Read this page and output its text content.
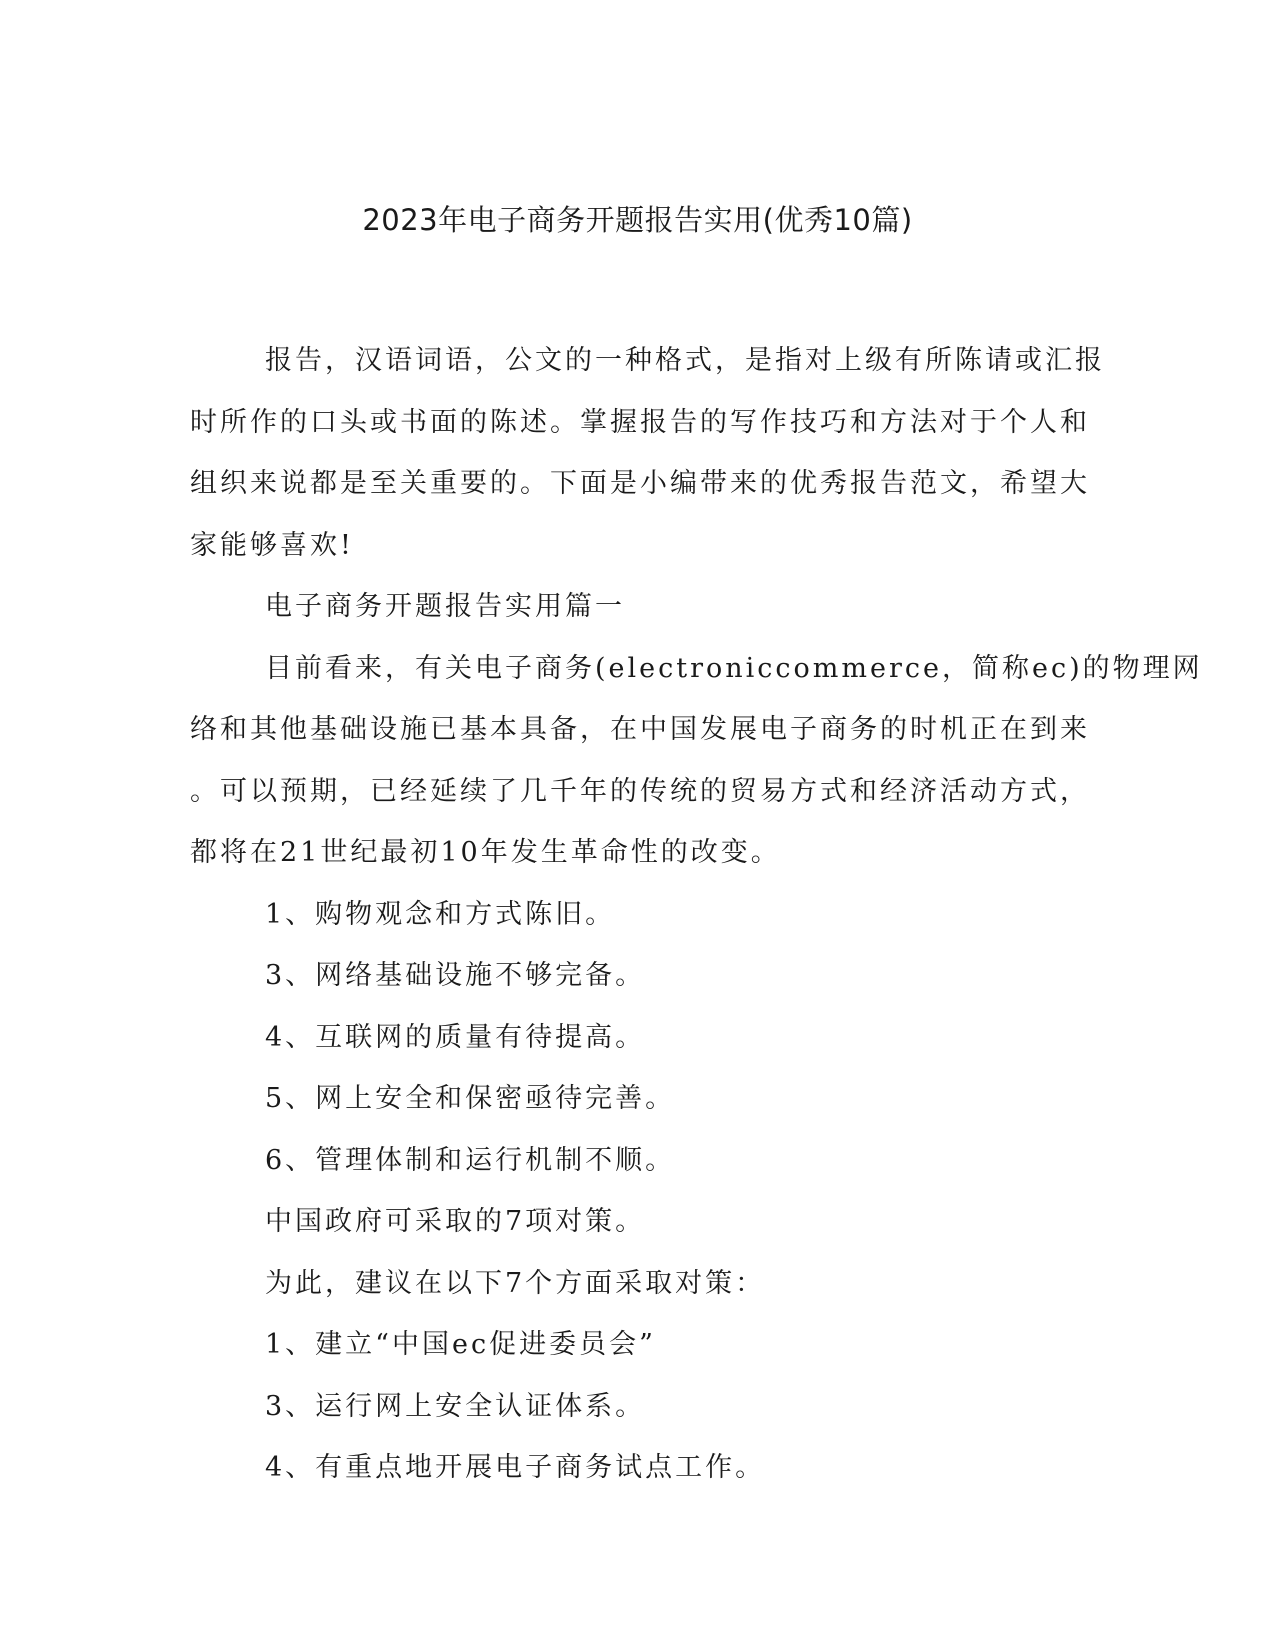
2023年电子商务开题报告实用(优秀10篇)
报告，汉语词语，公文的一种格式，是指对上级有所陈请或汇报
时所作的口头或书面的陈述。掌握报告的写作技巧和方法对于个人和
组织来说都是至关重要的。下面是小编带来的优秀报告范文，希望大
家能够喜欢!
电子商务开题报告实用篇一
目前看来，有关电子商务(electroniccommerce，简称ec)的物理网
络和其他基础设施已基本具备，在中国发展电子商务的时机正在到来
。可以预期，已经延续了几千年的传统的贸易方式和经济活动方式，
都将在21世纪最初10年发生革命性的改变。
1、购物观念和方式陈旧。
3、网络基础设施不够完备。
4、互联网的质量有待提高。
5、网上安全和保密亟待完善。
6、管理体制和运行机制不顺。
中国政府可采取的7项对策。
为此，建议在以下7个方面采取对策：
1、建立“中国ec促进委员会”
3、运行网上安全认证体系。
4、有重点地开展电子商务试点工作。
